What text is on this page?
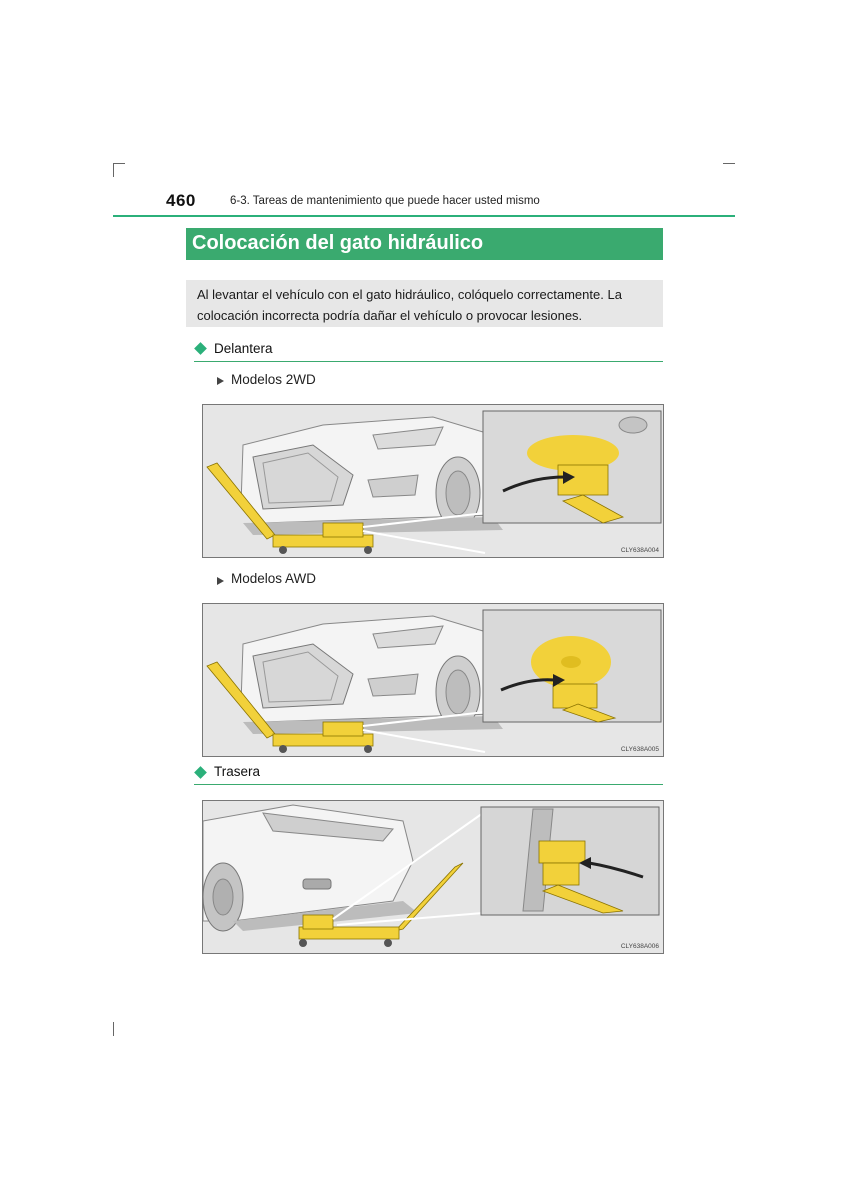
460	6-3. Tareas de mantenimiento que puede hacer usted mismo
Colocación del gato hidráulico
Al levantar el vehículo con el gato hidráulico, colóquelo correctamente. La colocación incorrecta podría dañar el vehículo o provocar lesiones.
Delantera
Modelos 2WD
CLY638A004
Modelos AWD
CLY638A005
Trasera
CLY638A006
